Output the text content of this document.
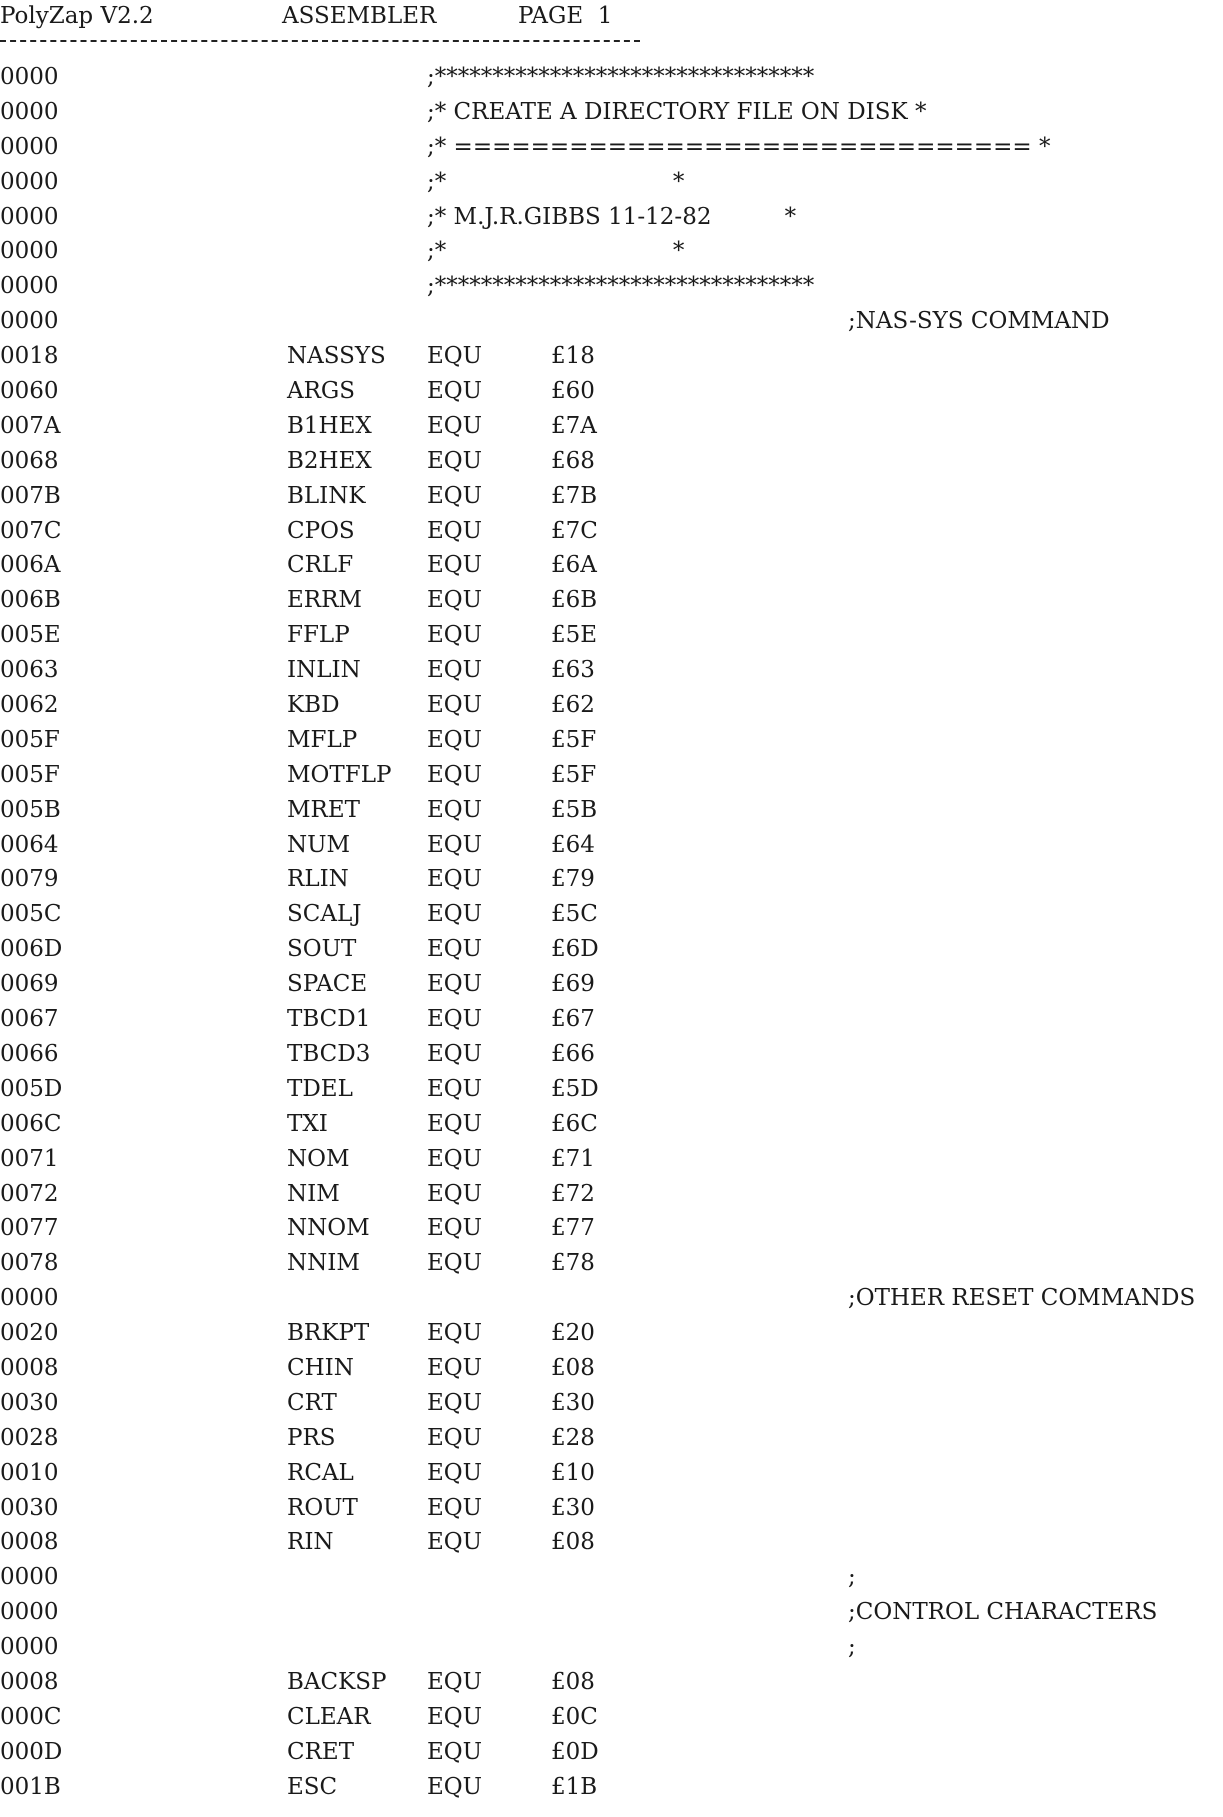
PolyZap V2.2

	ASSEMBLER

	PAGE  1

0000	;*********************************
0000	;* CREATE A DIRECTORY FILE ON DISK *
0000	;* ============================== *
0000	;*                               *
0000	;* M.J.R.GIBBS 11-12-82          *
0000	;*                               *
0000	;*********************************
0000	;NAS-SYS COMMAND
0018	NASSYS EQU	£18
0060	ARGS	EQU	£60
007A	B1HEX EQU	£7A
0068	B2HEX EQU	£68
007B	BLINK	EQU	£7B
007C	CPOS	EQU	£7C
006A	CRLF	EQU	£6A
006B	ERRM	EQU	£6B
005E	FFLP	EQU	£5E
0063	INLIN	EQU	£63
0062	KBD	EQU	£62
005F	MFLP	EQU	£5F
005F	MOTFLP EQU	£5F
005B	MRET	EQU	£5B
0064	NUM	EQU	£64
0079	RLIN	EQU	£79
005C	SCALJ	EQU	£5C
006D	SOUT	EQU	£6D
0069	SPACE	EQU	£69
0067	TBCD1 EQU	£67
0066	TBCD3 EQU	£66
005D	TDEL	EQU	£5D
006C	TXI	EQU	£6C
0071	NOM	EQU	£71
0072	NIM	EQU	£72
0077	NNOM EQU	£77
0078	NNIM	EQU	£78
0000	;OTHER RESET COMMANDS
0020	BRKPT	EQU	£20
0008	CHIN	EQU	£08
0030	CRT	EQU	£30
0028	PRS	EQU	£28
0010	RCAL	EQU	£10
0030	ROUT	EQU	£30
0008	RIN	EQU	£08
0000	;
0000	;CONTROL CHARACTERS
0000	;
0008	BACKSP EQU	£08
000C	CLEAR EQU	£0C
000D	CRET	EQU	£0D
001B	ESC	EQU	£1B
